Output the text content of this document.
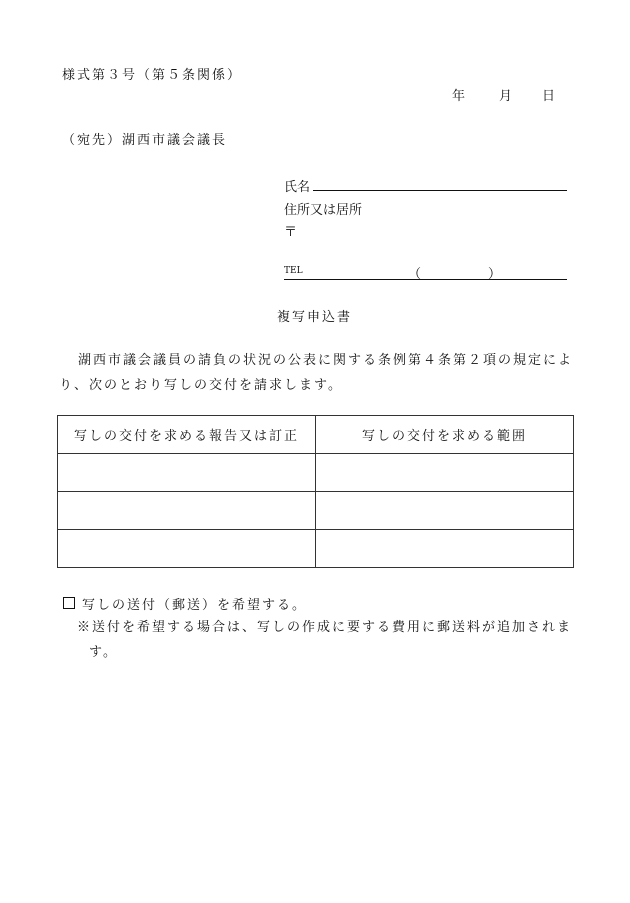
様式第３号（第５条関係）
年	月 日
（宛先）湖西市議会議長
氏名
住所又は居所
〒
TEL	（	）
複写申込書
湖西市議会議員の請負の状況の公表に関する条例第４条第２項の規定により、次のとおり写しの交付を請求します。
写しの交付を求める報告又は訂正	写しの交付を求める範囲

写しの送付（郵送）を希望する。
※送付を希望する場合は、写しの作成に要する費用に郵送料が追加されます。
